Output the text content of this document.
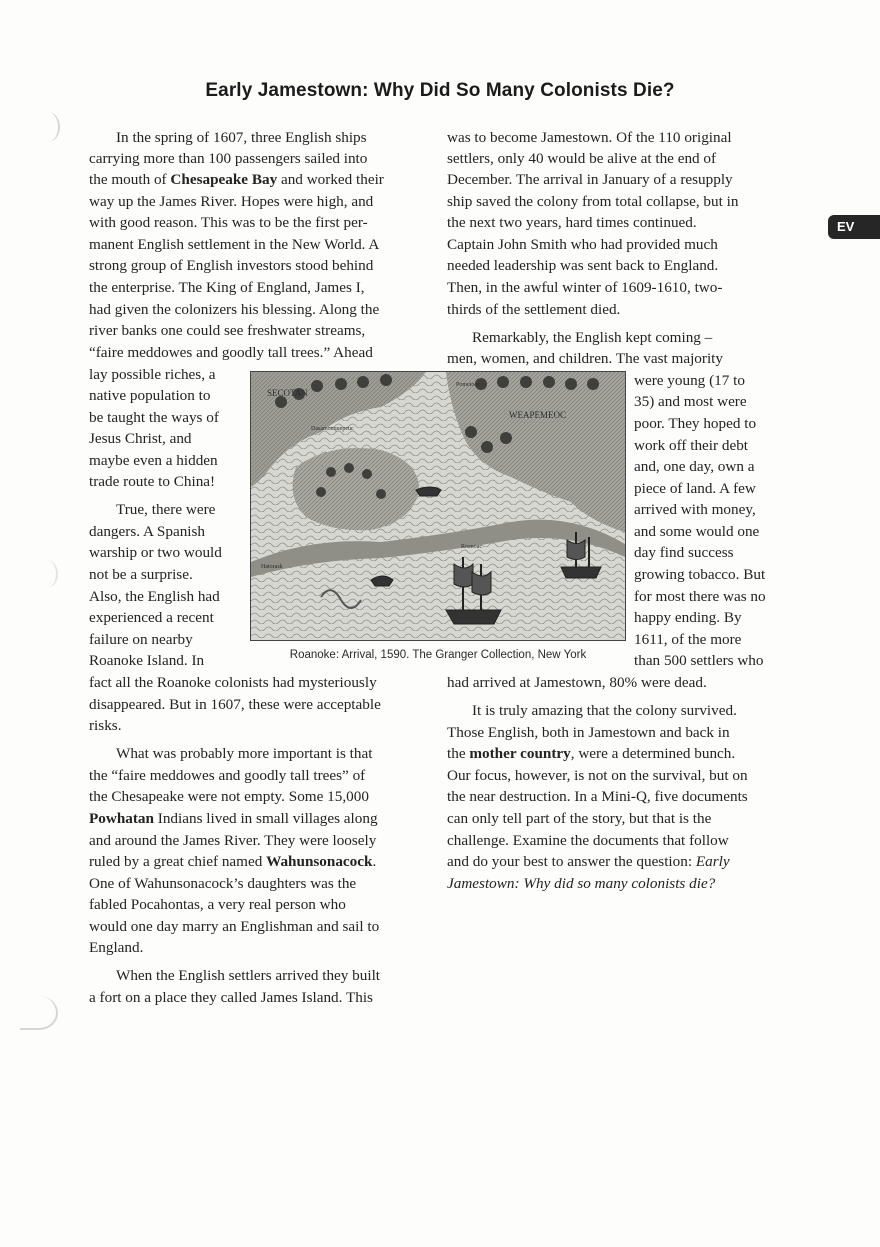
Early Jamestown: Why Did So Many Colonists Die?
EV
In the spring of 1607, three English ships
carrying more than 100 passengers sailed into
the mouth of Chesapeake Bay and worked their
way up the James River. Hopes were high, and
with good reason. This was to be the first per-
manent English settlement in the New World. A
strong group of English investors stood behind
the enterprise. The King of England, James I,
had given the colonizers his blessing. Along the
river banks one could see freshwater streams,
“faire meddowes and goodly tall trees.” Ahead
lay possible riches, a
native population to
be taught the ways of
Jesus Christ, and
maybe even a hidden
trade route to China!
True, there were
dangers. A Spanish
warship or two would
not be a surprise.
Also, the English had
experienced a recent
failure on nearby
Roanoke Island. In
fact all the Roanoke colonists had mysteriously
disappeared. But in 1607, these were acceptable
risks.
What was probably more important is that
the “faire meddowes and goodly tall trees” of
the Chesapeake were not empty. Some 15,000
Powhatan Indians lived in small villages along
and around the James River. They were loosely
ruled by a great chief named Wahunsonacock.
One of Wahunsonacock’s daughters was the
fabled Pocahontas, a very real person who
would one day marry an Englishman and sail to
England.
When the English settlers arrived they built
a fort on a place they called James Island. This
was to become Jamestown. Of the 110 original
settlers, only 40 would be alive at the end of
December. The arrival in January of a resupply
ship saved the colony from total collapse, but in
the next two years, hard times continued.
Captain John Smith who had provided much
needed leadership was sent back to England.
Then, in the awful winter of 1609-1610, two-
thirds of the settlement died.
Remarkably, the English kept coming –
men, women, and children. The vast majority
were young (17 to
35) and most were
poor. They hoped to
work off their debt
and, one day, own a
piece of land. A few
arrived with money,
and some would one
day find success
growing tobacco. But
for most there was no
happy ending. By
1611, of the more
than 500 settlers who
had arrived at Jamestown, 80% were dead.
It is truly amazing that the colony survived.
Those English, both in Jamestown and back in
the mother country, were a determined bunch.
Our focus, however, is not on the survival, but on
the near destruction. In a Mini-Q, five documents
can only tell part of the story, but that is the
challenge. Examine the documents that follow
and do your best to answer the question: Early
Jamestown: Why did so many colonists die?
SECOTAN
WEAPEMEOC
Pomeiooc
Dasamonquepeuc
Roanoac
Hatorask
Roanoke: Arrival, 1590. The Granger Collection, New York
